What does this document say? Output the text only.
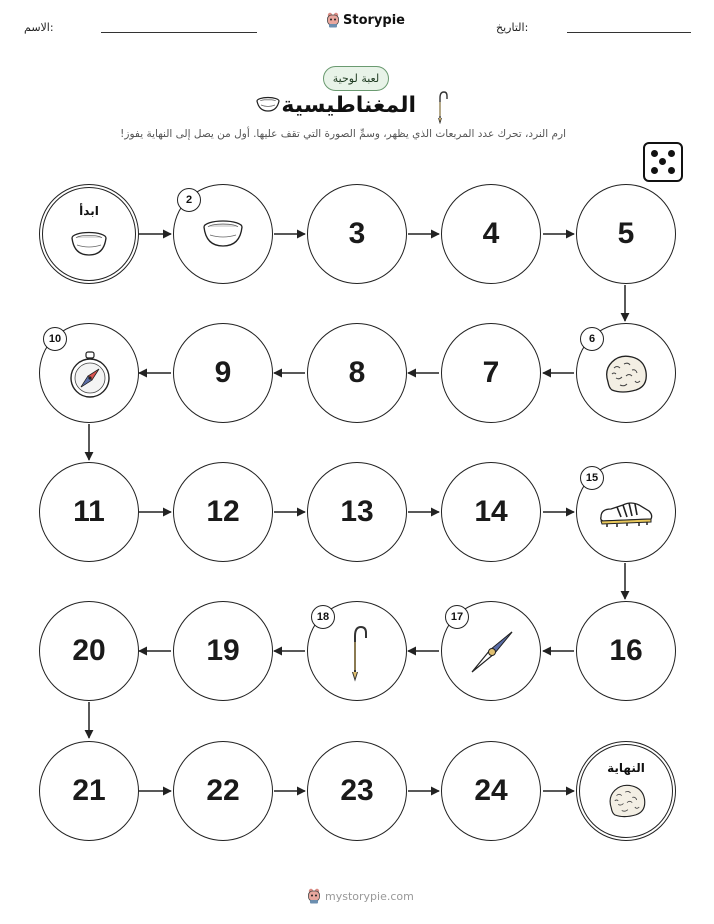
الاسم:	Storypie	التاريخ:
لعبة لوحية
المغناطيسية
ارم النرد، تحرك عدد المربعات الذي يظهر، وسمِّ الصورة التي تقف عليها. أول من يصل إلى النهاية يفوز!
ابدأ
2
3	4	5
10
9	8	7
6
11	12	13	14
15
20	19
18	17
16
21	22	23	24
النهاية
mystorypie.com
